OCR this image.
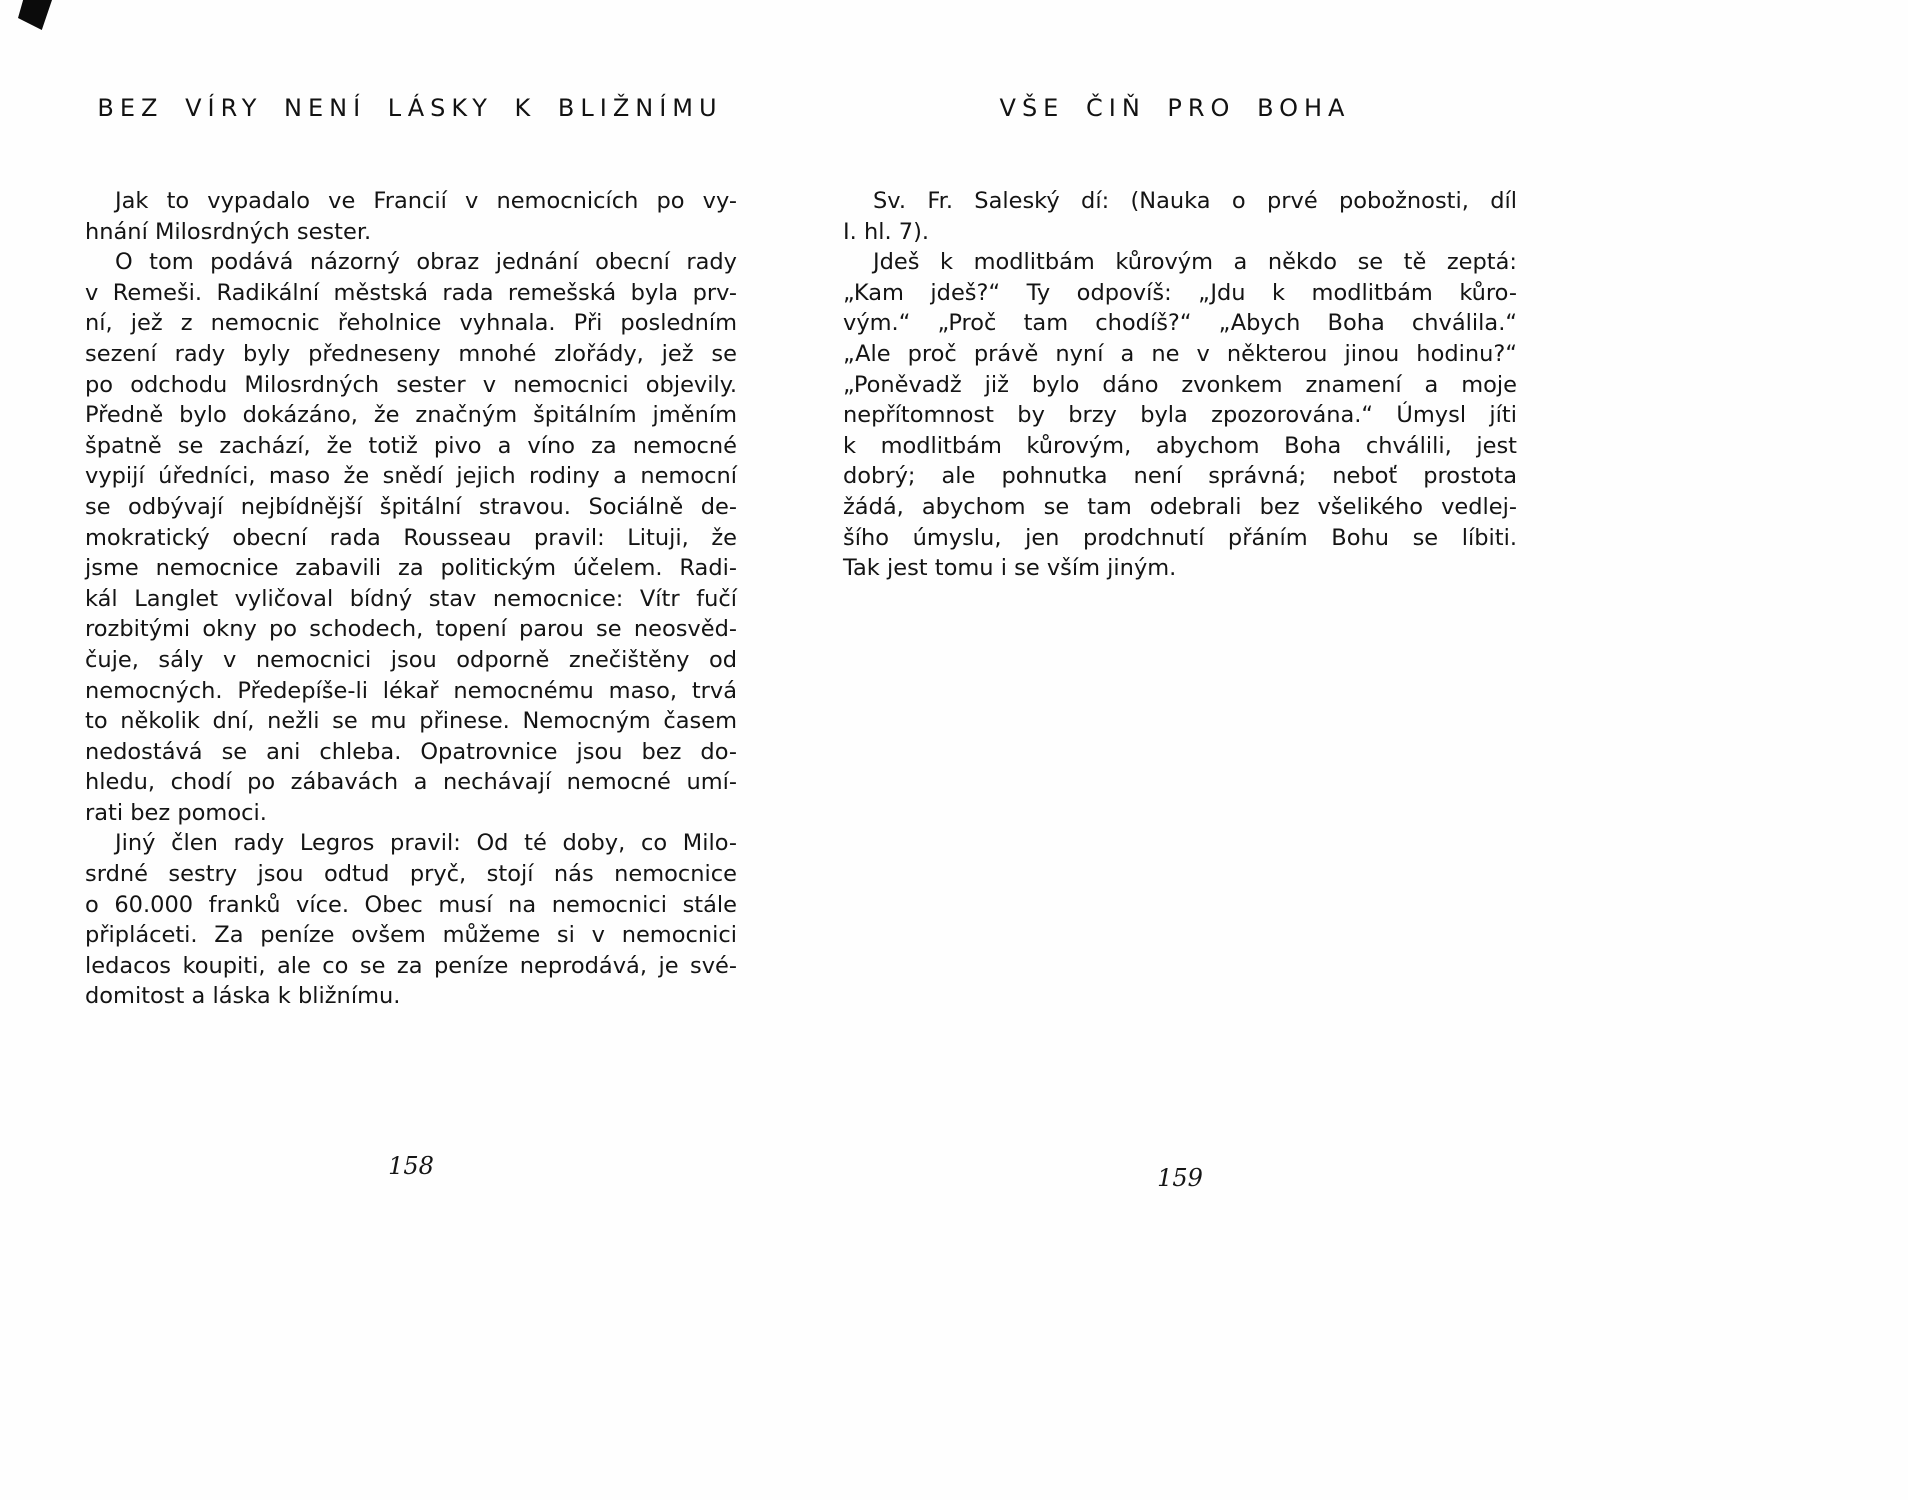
BEZ VÍRY NENÍ LÁSKY K BLIŽNÍMU	VŠE ČIŇ PRO BOHA
Jak to vypadalo ve Francií v nemocnicích po vy-
hnání Milosrdných sester.
O tom podává názorný obraz jednání obecní rady
v Remeši. Radikální městská rada remešská byla prv-
ní, jež z nemocnic řeholnice vyhnala. Při posledním
sezení rady byly předneseny mnohé zlořády, jež se
po odchodu Milosrdných sester v nemocnici objevily.
Předně bylo dokázáno, že značným špitálním jměním
špatně se zachází, že totiž pivo a víno za nemocné
vypijí úředníci, maso že snědí jejich rodiny a nemocní
se odbývají nejbídnější špitální stravou. Sociálně de-
mokratický obecní rada Rousseau pravil: Lituji, že
jsme nemocnice zabavili za politickým účelem. Radi-
kál Langlet vyličoval bídný stav nemocnice: Vítr fučí
rozbitými okny po schodech, topení parou se neosvěd-
čuje, sály v nemocnici jsou odporně znečištěny od
nemocných. Předepíše-li lékař nemocnému maso, trvá
to několik dní, nežli se mu přinese. Nemocným časem
nedostává se ani chleba. Opatrovnice jsou bez do-
hledu, chodí po zábavách a nechávají nemocné umí-
rati bez pomoci.
Jiný člen rady Legros pravil: Od té doby, co Milo-
srdné sestry jsou odtud pryč, stojí nás nemocnice
o 60.000 franků více. Obec musí na nemocnici stále
připláceti. Za peníze ovšem můžeme si v nemocnici
ledacos koupiti, ale co se za peníze neprodává, je své-
domitost a láska k bližnímu.
Sv. Fr. Saleský dí: (Nauka o prvé pobožnosti, díl
I. hl. 7).
Jdeš k modlitbám kůrovým a někdo se tě zeptá:
„Kam jdeš?“ Ty odpovíš: „Jdu k modlitbám kůro-
vým.“ „Proč tam chodíš?“ „Abych Boha chválila.“
„Ale proč právě nyní a ne v některou jinou hodinu?“
„Poněvadž již bylo dáno zvonkem znamení a moje
nepřítomnost by brzy byla zpozorována.“ Úmysl jíti
k modlitbám kůrovým, abychom Boha chválili, jest
dobrý; ale pohnutka není správná; neboť prostota
žádá, abychom se tam odebrali bez všelikého vedlej-
šího úmyslu, jen prodchnutí přáním Bohu se líbiti.
Tak jest tomu i se vším jiným.
158	159
